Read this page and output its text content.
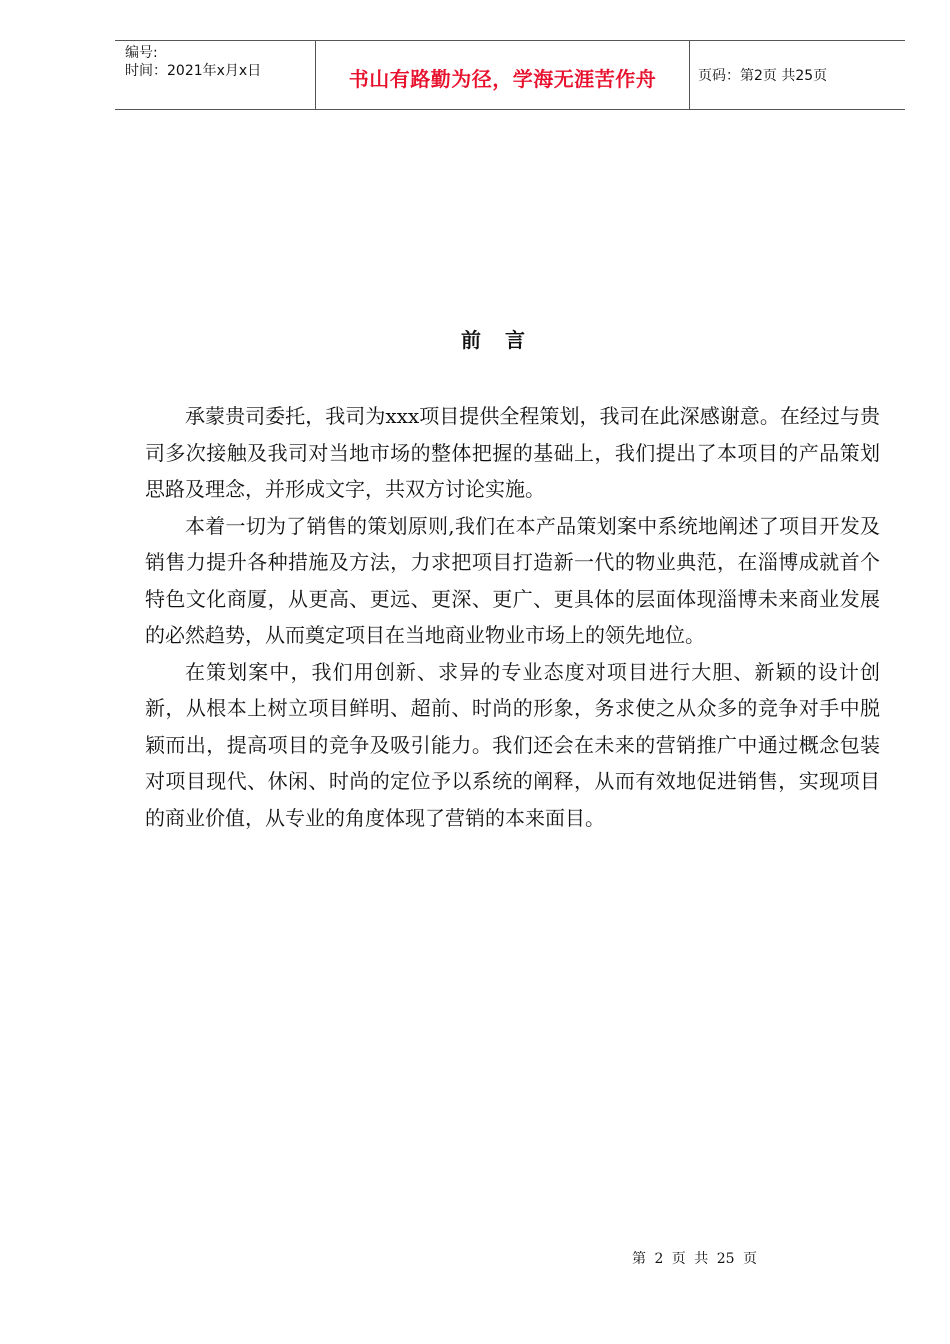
编号:
时间：2021年x月x日	书山有路勤为径，学海无涯苦作舟	页码：第2页 共25页
前言

承蒙贵司委托，我司为xxx项目提供全程策划，我司在此深感谢意。在经过与贵司多次接触及我司对当地市场的整体把握的基础上，我们提出了本项目的产品策划思路及理念，并形成文字，共双方讨论实施。

本着一切为了销售的策划原则,我们在本产品策划案中系统地阐述了项目开发及销售力提升各种措施及方法，力求把项目打造新一代的物业典范，在淄博成就首个特色文化商厦，从更高、更远、更深、更广、更具体的层面体现淄博未来商业发展的必然趋势，从而奠定项目在当地商业物业市场上的领先地位。

在策划案中，我们用创新、求异的专业态度对项目进行大胆、新颖的设计创新，从根本上树立项目鲜明、超前、时尚的形象，务求使之从众多的竞争对手中脱颖而出，提高项目的竞争及吸引能力。我们还会在未来的营销推广中通过概念包装对项目现代、休闲、时尚的定位予以系统的阐释，从而有效地促进销售，实现项目的商业价值，从专业的角度体现了营销的本来面目。

第 2 页 共 25 页
